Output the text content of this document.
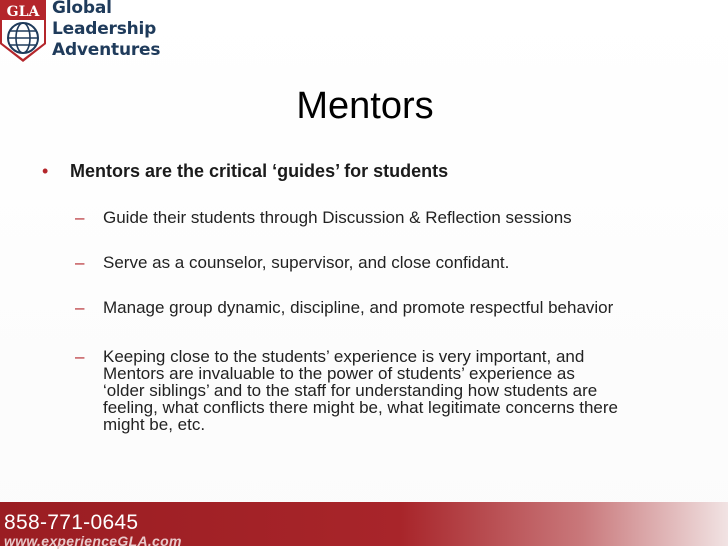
GLA Global
Leadership
Adventures
Mentors
• Mentors are the critical ‘guides’ for students
– Guide their students through Discussion & Reflection sessions
– Serve as a counselor, supervisor, and close confidant.
– Manage group dynamic, discipline, and promote respectful behavior
– Keeping close to the students’ experience is very important, and
Mentors are invaluable to the power of students’ experience as
‘older siblings’ and to the staff for understanding how students are
feeling, what conflicts there might be, what legitimate concerns there
might be, etc.
858-771-0645
www.experienceGLA.com
